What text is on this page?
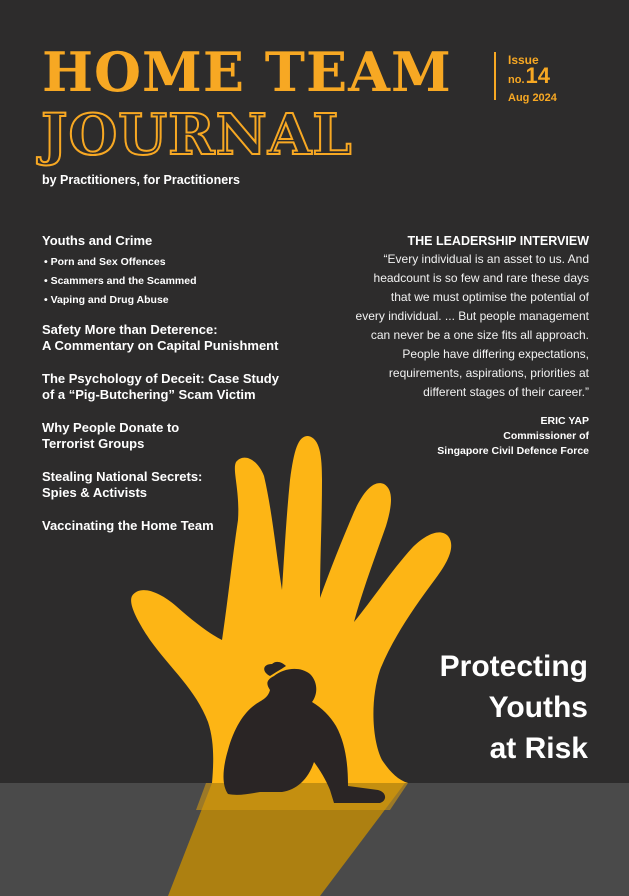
HOME TEAM
JOURNAL
by Practitioners, for Practitioners
Issue
no. 14
Aug 2024
Youths and Crime
• Porn and Sex Offences
• Scammers and the Scammed
• Vaping and Drug Abuse
Safety More than Deterence:
A Commentary on Capital Punishment
The Psychology of Deceit: Case Study
of a “Pig-Butchering” Scam Victim
Why People Donate to
Terrorist Groups
Stealing National Secrets:
Spies & Activists
Vaccinating the Home Team
THE LEADERSHIP INTERVIEW
“Every individual is an asset to us. And
headcount is so few and rare these days
that we must optimise the potential of
every individual. ... But people management
can never be a one size fits all approach.
People have differing expectations,
requirements, aspirations, priorities at
different stages of their career.”
ERIC YAP
Commissioner of
Singapore Civil Defence Force
Protecting
Youths
at Risk
